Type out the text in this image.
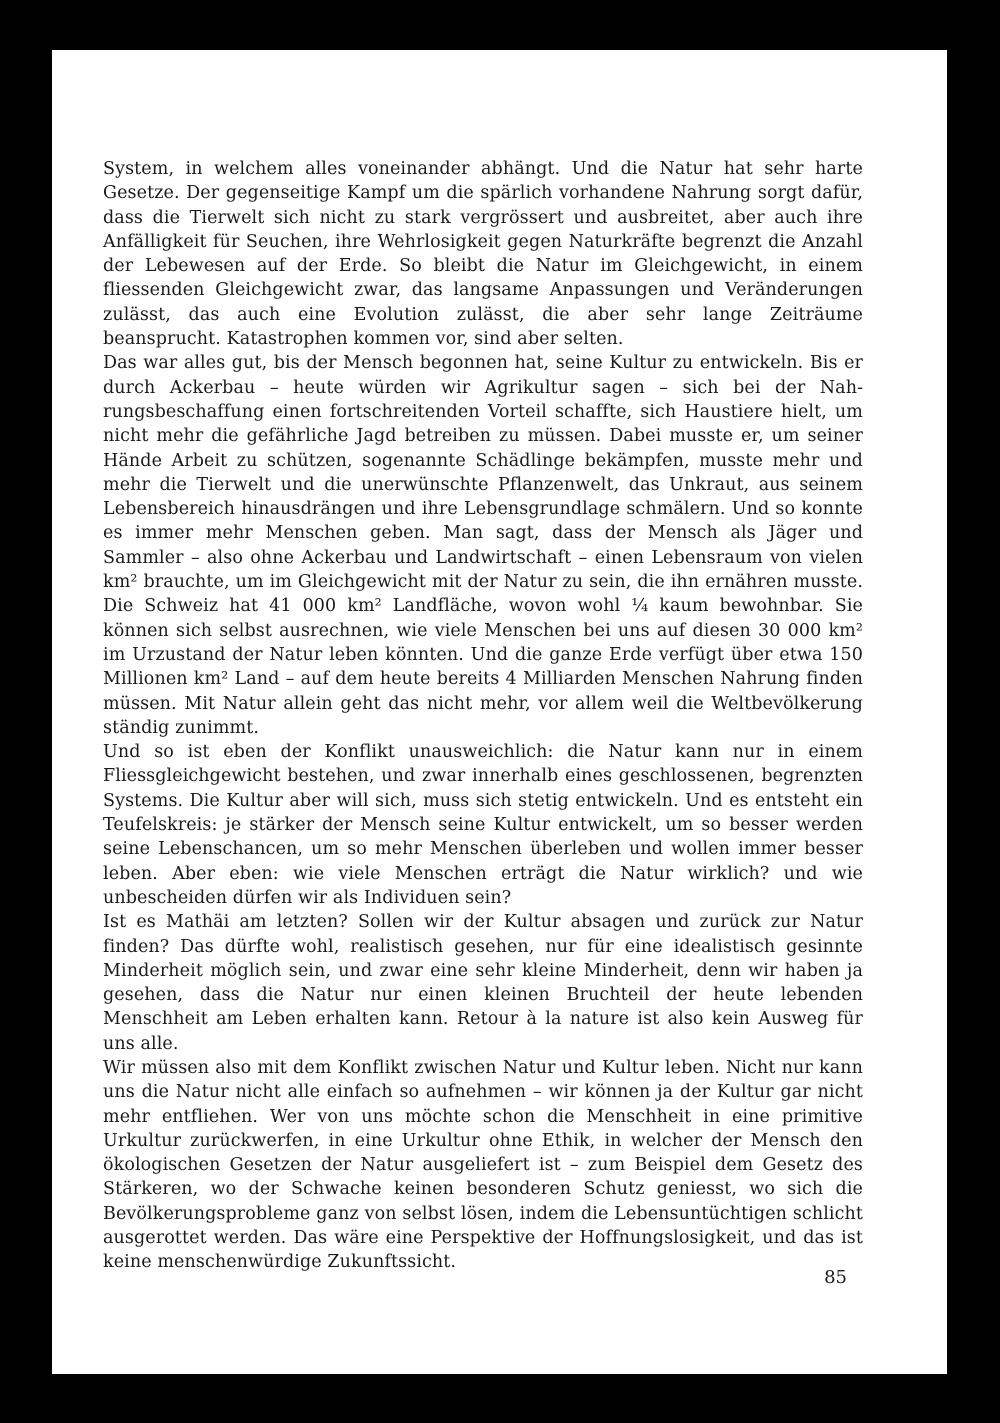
System, in welchem alles voneinander abhängt. Und die Natur hat sehr harte Gesetze. Der gegenseitige Kampf um die spärlich vorhandene Nahrung sorgt dafür, dass die Tierwelt sich nicht zu stark vergrössert und ausbreitet, aber auch ihre Anfälligkeit für Seuchen, ihre Wehrlosigkeit gegen Naturkräfte begrenzt die Anzahl der Lebewesen auf der Erde. So bleibt die Natur im Gleichgewicht, in einem fliessenden Gleichgewicht zwar, das langsame Anpassungen und Veränderungen zulässt, das auch eine Evolution zulässt, die aber sehr lange Zeiträume beansprucht. Katastrophen kommen vor, sind aber selten.

Das war alles gut, bis der Mensch begonnen hat, seine Kultur zu entwickeln. Bis er durch Ackerbau – heute würden wir Agrikultur sagen – sich bei der Nahrungsbeschaffung einen fortschreitenden Vorteil schaffte, sich Haustiere hielt, um nicht mehr die gefährliche Jagd betreiben zu müssen. Dabei musste er, um seiner Hände Arbeit zu schützen, sogenannte Schädlinge bekämpfen, musste mehr und mehr die Tierwelt und die unerwünschte Pflanzenwelt, das Unkraut, aus seinem Lebensbereich hinausdrängen und ihre Lebensgrundlage schmälern. Und so konnte es immer mehr Menschen geben. Man sagt, dass der Mensch als Jäger und Sammler – also ohne Ackerbau und Landwirtschaft – einen Lebensraum von vielen km² brauchte, um im Gleichgewicht mit der Natur zu sein, die ihn ernähren musste. Die Schweiz hat 41 000 km² Landfläche, wovon wohl ¼ kaum bewohnbar. Sie können sich selbst ausrechnen, wie viele Menschen bei uns auf diesen 30 000 km² im Urzustand der Natur leben könnten. Und die ganze Erde verfügt über etwa 150 Millionen km² Land – auf dem heute bereits 4 Milliarden Menschen Nahrung finden müssen. Mit Natur allein geht das nicht mehr, vor allem weil die Weltbevölkerung ständig zunimmt.

Und so ist eben der Konflikt unausweichlich: die Natur kann nur in einem Fliessgleichgewicht bestehen, und zwar innerhalb eines geschlossenen, begrenzten Systems. Die Kultur aber will sich, muss sich stetig entwickeln. Und es entsteht ein Teufelskreis: je stärker der Mensch seine Kultur entwickelt, um so besser werden seine Lebenschancen, um so mehr Menschen überleben und wollen immer besser leben. Aber eben: wie viele Menschen erträgt die Natur wirklich? und wie unbescheiden dürfen wir als Individuen sein?

Ist es Mathäi am letzten? Sollen wir der Kultur absagen und zurück zur Natur finden? Das dürfte wohl, realistisch gesehen, nur für eine idealistisch gesinnte Minderheit möglich sein, und zwar eine sehr kleine Minderheit, denn wir haben ja gesehen, dass die Natur nur einen kleinen Bruchteil der heute lebenden Menschheit am Leben erhalten kann. Retour à la nature ist also kein Ausweg für uns alle.

Wir müssen also mit dem Konflikt zwischen Natur und Kultur leben. Nicht nur kann uns die Natur nicht alle einfach so aufnehmen – wir können ja der Kultur gar nicht mehr entfliehen. Wer von uns möchte schon die Menschheit in eine primitive Urkultur zurückwerfen, in eine Urkultur ohne Ethik, in welcher der Mensch den ökologischen Gesetzen der Natur ausgeliefert ist – zum Beispiel dem Gesetz des Stärkeren, wo der Schwache keinen besonderen Schutz geniesst, wo sich die Bevölkerungsprobleme ganz von selbst lösen, indem die Lebensuntüchtigen schlicht ausgerottet werden. Das wäre eine Perspektive der Hoffnungslosigkeit, und das ist keine menschenwürdige Zukunftssicht.

85
